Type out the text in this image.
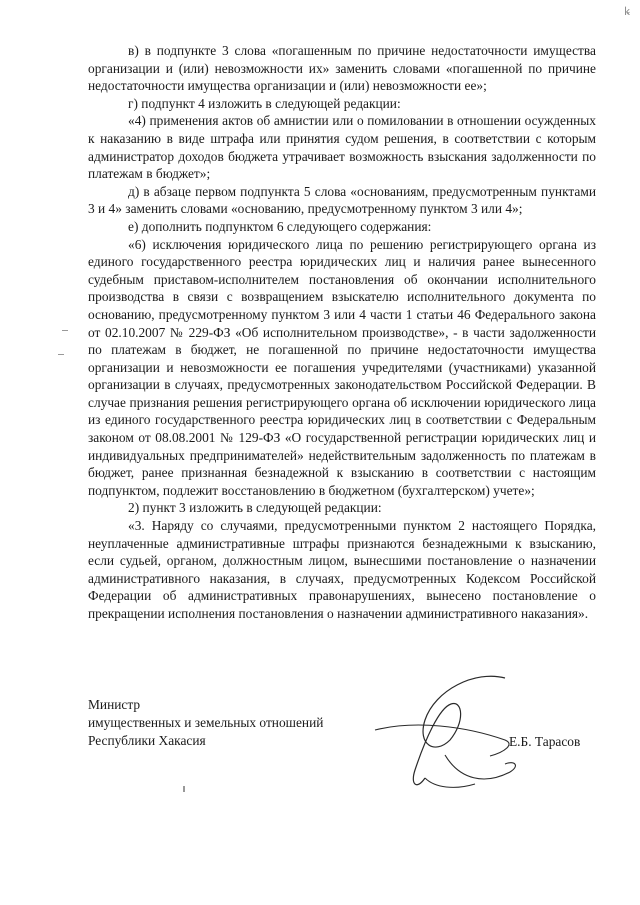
ꝃ

в) в подпункте 3 слова «погашенным по причине недостаточности имущества организации и (или) невозможности их» заменить словами «погашенной по причине недостаточности имущества организации и (или) невозможности ее»;

г) подпункт 4 изложить в следующей редакции:

«4) применения актов об амнистии или о помиловании в отношении осужденных к наказанию в виде штрафа или принятия судом решения, в соответствии с которым администратор доходов бюджета утрачивает возможность взыскания задолженности по платежам в бюджет»;

д) в абзаце первом подпункта 5 слова «основаниям, предусмотренным пунктами 3 и 4» заменить словами «основанию, предусмотренному пунктом 3 или 4»;

е) дополнить подпунктом 6 следующего содержания:

«6) исключения юридического лица по решению регистрирующего органа из единого государственного реестра юридических лиц и наличия ранее вынесенного судебным приставом-исполнителем постановления об окончании исполнительного производства в связи с возвращением взыскателю исполнительного документа по основанию, предусмотренному пунктом 3 или 4 части 1 статьи 46 Федерального закона от 02.10.2007 № 229-ФЗ «Об исполнительном производстве», - в части задолженности по платежам в бюджет, не погашенной по причине недостаточности имущества организации и невозможности ее погашения учредителями (участниками) указанной организации в случаях, предусмотренных законодательством Российской Федерации. В случае признания решения регистрирующего органа об исключении юридического лица из единого государственного реестра юридических лиц в соответствии с Федеральным законом от 08.08.2001 № 129-ФЗ «О государственной регистрации юридических лиц и индивидуальных предпринимателей» недействительным задолженность по платежам в бюджет, ранее признанная безнадежной к взысканию в соответствии с настоящим подпунктом, подлежит восстановлению в бюджетном (бухгалтерском) учете»;

2) пункт 3 изложить в следующей редакции:

«3. Наряду со случаями, предусмотренными пунктом 2 настоящего Порядка, неуплаченные административные штрафы признаются безнадежными к взысканию, если судьей, органом, должностным лицом, вынесшими постановление о назначении административного наказания, в случаях, предусмотренных Кодексом Российской Федерации об административных правонарушениях, вынесено постановление о прекращении исполнения постановления о назначении административного наказания».

Министр
имущественных и земельных отношений
Республики Хакасия	Е.Б. Тарасов
